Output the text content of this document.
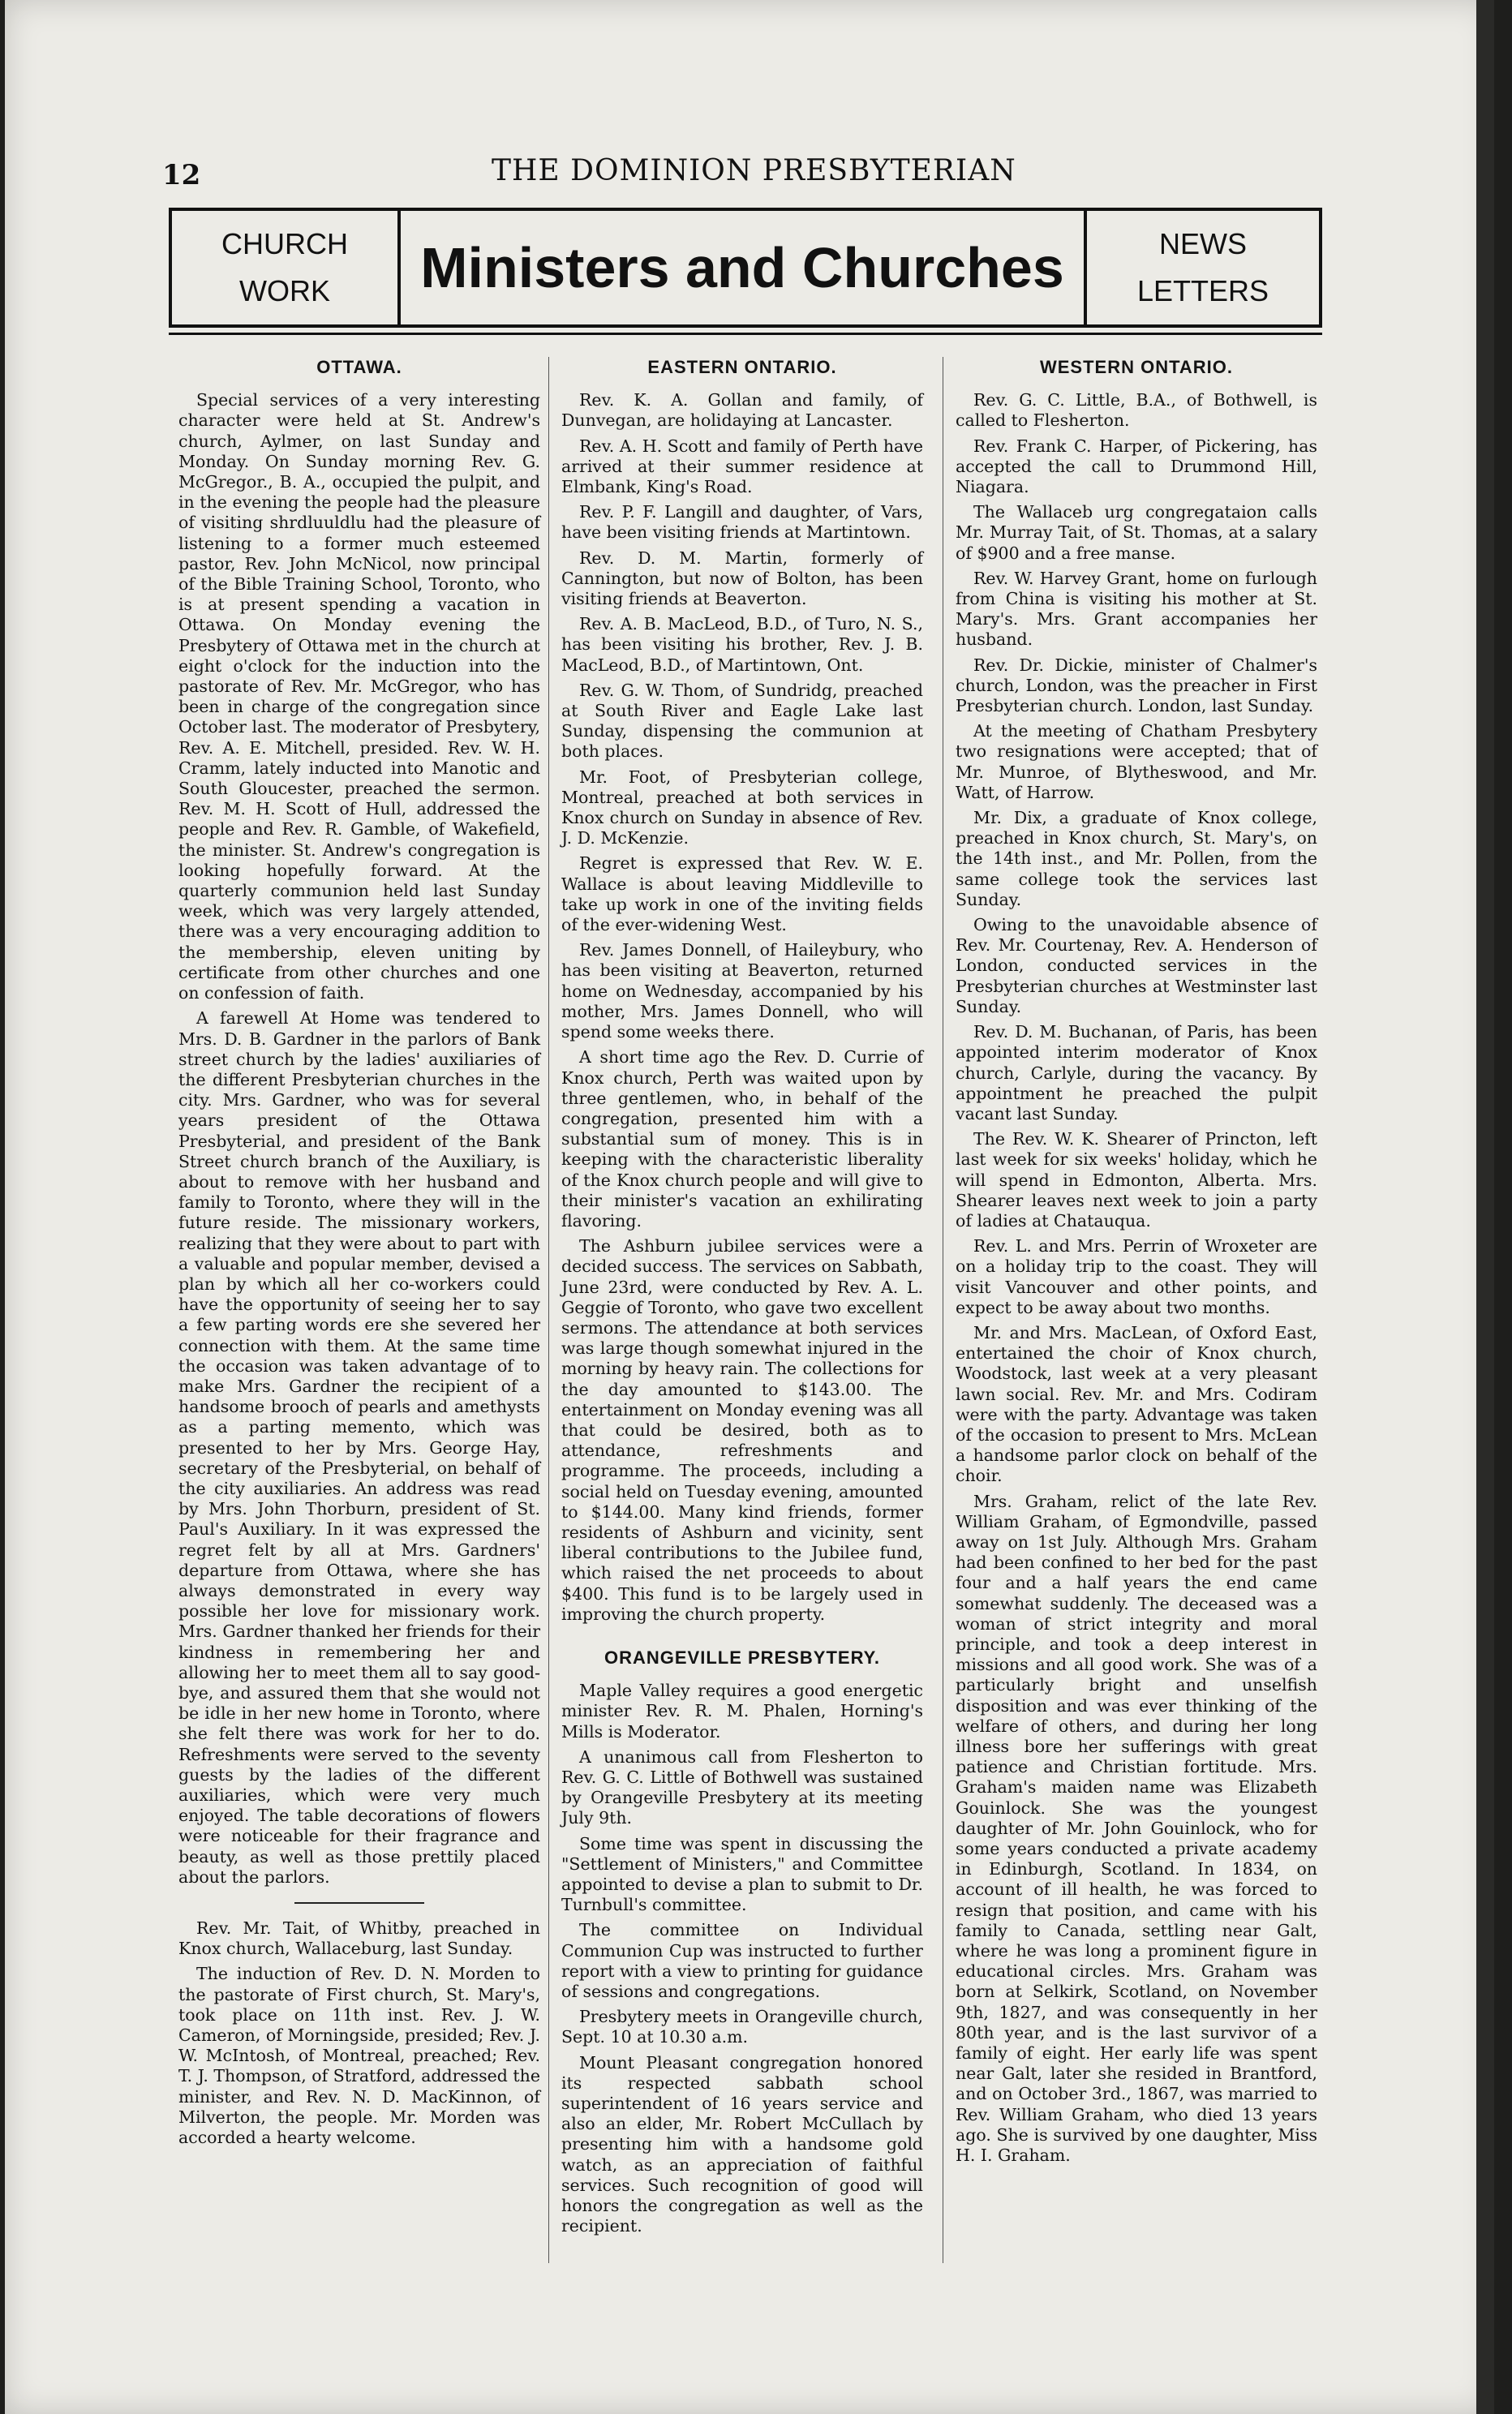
12	THE DOMINION PRESBYTERIAN
CHURCH
WORK	Ministers and Churches	NEWS
LETTERS
OTTAWA.

Special services of a very interesting character were held at St. Andrew's church, Aylmer, on last Sunday and Monday. On Sunday morning Rev. G. McGregor., B. A., occupied the pulpit, and in the evening the people had the pleasure of visiting shrdluuldlu had the pleasure of listening to a former much esteemed pastor, Rev. John McNicol, now principal of the Bible Training School, Toronto, who is at present spending a vacation in Ottawa. On Monday evening the Presbytery of Ottawa met in the church at eight o'clock for the induction into the pastorate of Rev. Mr. McGregor, who has been in charge of the congregation since October last. The moderator of Presbytery, Rev. A. E. Mitchell, presided. Rev. W. H. Cramm, lately inducted into Manotic and South Gloucester, preached the sermon. Rev. M. H. Scott of Hull, addressed the people and Rev. R. Gamble, of Wakefield, the minister. St. Andrew's congregation is looking hopefully forward. At the quarterly communion held last Sunday week, which was very largely attended, there was a very encouraging addition to the membership, eleven uniting by certificate from other churches and one on confession of faith.

A farewell At Home was tendered to Mrs. D. B. Gardner in the parlors of Bank street church by the ladies' auxiliaries of the different Presbyterian churches in the city. Mrs. Gardner, who was for several years president of the Ottawa Presbyterial, and president of the Bank Street church branch of the Auxiliary, is about to remove with her husband and family to Toronto, where they will in the future reside. The missionary workers, realizing that they were about to part with a valuable and popular member, devised a plan by which all her co-workers could have the opportunity of seeing her to say a few parting words ere she severed her connection with them. At the same time the occasion was taken advantage of to make Mrs. Gardner the recipient of a handsome brooch of pearls and amethysts as a parting memento, which was presented to her by Mrs. George Hay, secretary of the Presbyterial, on behalf of the city auxiliaries. An address was read by Mrs. John Thorburn, president of St. Paul's Auxiliary. In it was expressed the regret felt by all at Mrs. Gardners' departure from Ottawa, where she has always demonstrated in every way possible her love for missionary work. Mrs. Gardner thanked her friends for their kindness in remembering her and allowing her to meet them all to say good-bye, and assured them that she would not be idle in her new home in Toronto, where she felt there was work for her to do. Refreshments were served to the seventy guests by the ladies of the different auxiliaries, which were very much enjoyed. The table decorations of flowers were noticeable for their fragrance and beauty, as well as those prettily placed about the parlors.

Rev. Mr. Tait, of Whitby, preached in Knox church, Wallaceburg, last Sunday.

The induction of Rev. D. N. Morden to the pastorate of First church, St. Mary's, took place on 11th inst. Rev. J. W. Cameron, of Morningside, presided; Rev. J. W. McIntosh, of Montreal, preached; Rev. T. J. Thompson, of Stratford, addressed the minister, and Rev. N. D. MacKinnon, of Milverton, the people. Mr. Morden was accorded a hearty welcome.

EASTERN ONTARIO.

Rev. K. A. Gollan and family, of Dunvegan, are holidaying at Lancaster.

Rev. A. H. Scott and family of Perth have arrived at their summer residence at Elmbank, King's Road.

Rev. P. F. Langill and daughter, of Vars, have been visiting friends at Martintown.

Rev. D. M. Martin, formerly of Cannington, but now of Bolton, has been visiting friends at Beaverton.

Rev. A. B. MacLeod, B.D., of Turo, N. S., has been visiting his brother, Rev. J. B. MacLeod, B.D., of Martintown, Ont.

Rev. G. W. Thom, of Sundridg, preached at South River and Eagle Lake last Sunday, dispensing the communion at both places.

Mr. Foot, of Presbyterian college, Montreal, preached at both services in Knox church on Sunday in absence of Rev. J. D. McKenzie.

Regret is expressed that Rev. W. E. Wallace is about leaving Middleville to take up work in one of the inviting fields of the ever-widening West.

Rev. James Donnell, of Haileybury, who has been visiting at Beaverton, returned home on Wednesday, accompanied by his mother, Mrs. James Donnell, who will spend some weeks there.

A short time ago the Rev. D. Currie of Knox church, Perth was waited upon by three gentlemen, who, in behalf of the congregation, presented him with a substantial sum of money. This is in keeping with the characteristic liberality of the Knox church people and will give to their minister's vacation an exhilirating flavoring.

The Ashburn jubilee services were a decided success. The services on Sabbath, June 23rd, were conducted by Rev. A. L. Geggie of Toronto, who gave two excellent sermons. The attendance at both services was large though somewhat injured in the morning by heavy rain. The collections for the day amounted to $143.00. The entertainment on Monday evening was all that could be desired, both as to attendance, refreshments and programme. The proceeds, including a social held on Tuesday evening, amounted to $144.00. Many kind friends, former residents of Ashburn and vicinity, sent liberal contributions to the Jubilee fund, which raised the net proceeds to about $400. This fund is to be largely used in improving the church property.

ORANGEVILLE PRESBYTERY.

Maple Valley requires a good energetic minister Rev. R. M. Phalen, Horning's Mills is Moderator.

A unanimous call from Flesherton to Rev. G. C. Little of Bothwell was sustained by Orangeville Presbytery at its meeting July 9th.

Some time was spent in discussing the "Settlement of Ministers," and Committee appointed to devise a plan to submit to Dr. Turnbull's committee.

The committee on Individual Communion Cup was instructed to further report with a view to printing for guidance of sessions and congregations.

Presbytery meets in Orangeville church, Sept. 10 at 10.30 a.m.

Mount Pleasant congregation honored its respected sabbath school superintendent of 16 years service and also an elder, Mr. Robert McCullach by presenting him with a handsome gold watch, as an appreciation of faithful services. Such recognition of good will honors the congregation as well as the recipient.

WESTERN ONTARIO.

Rev. G. C. Little, B.A., of Bothwell, is called to Flesherton.

Rev. Frank C. Harper, of Pickering, has accepted the call to Drummond Hill, Niagara.

The Wallaceb urg congregataion calls Mr. Murray Tait, of St. Thomas, at a salary of $900 and a free manse.

Rev. W. Harvey Grant, home on furlough from China is visiting his mother at St. Mary's. Mrs. Grant accompanies her husband.

Rev. Dr. Dickie, minister of Chalmer's church, London, was the preacher in First Presbyterian church. London, last Sunday.

At the meeting of Chatham Presbytery two resignations were accepted; that of Mr. Munroe, of Blytheswood, and Mr. Watt, of Harrow.

Mr. Dix, a graduate of Knox college, preached in Knox church, St. Mary's, on the 14th inst., and Mr. Pollen, from the same college took the services last Sunday.

Owing to the unavoidable absence of Rev. Mr. Courtenay, Rev. A. Henderson of London, conducted services in the Presbyterian churches at Westminster last Sunday.

Rev. D. M. Buchanan, of Paris, has been appointed interim moderator of Knox church, Carlyle, during the vacancy. By appointment he preached the pulpit vacant last Sunday.

The Rev. W. K. Shearer of Princton, left last week for six weeks' holiday, which he will spend in Edmonton, Alberta. Mrs. Shearer leaves next week to join a party of ladies at Chatauqua.

Rev. L. and Mrs. Perrin of Wroxeter are on a holiday trip to the coast. They will visit Vancouver and other points, and expect to be away about two months.

Mr. and Mrs. MacLean, of Oxford East, entertained the choir of Knox church, Woodstock, last week at a very pleasant lawn social. Rev. Mr. and Mrs. Codiram were with the party. Advantage was taken of the occasion to present to Mrs. McLean a handsome parlor clock on behalf of the choir.

Mrs. Graham, relict of the late Rev. William Graham, of Egmondville, passed away on 1st July. Although Mrs. Graham had been confined to her bed for the past four and a half years the end came somewhat suddenly. The deceased was a woman of strict integrity and moral principle, and took a deep interest in missions and all good work. She was of a particularly bright and unselfish disposition and was ever thinking of the welfare of others, and during her long illness bore her sufferings with great patience and Christian fortitude. Mrs. Graham's maiden name was Elizabeth Gouinlock. She was the youngest daughter of Mr. John Gouinlock, who for some years conducted a private academy in Edinburgh, Scotland. In 1834, on account of ill health, he was forced to resign that position, and came with his family to Canada, settling near Galt, where he was long a prominent figure in educational circles. Mrs. Graham was born at Selkirk, Scotland, on November 9th, 1827, and was consequently in her 80th year, and is the last survivor of a family of eight. Her early life was spent near Galt, later she resided in Brantford, and on October 3rd., 1867, was married to Rev. William Graham, who died 13 years ago. She is survived by one daughter, Miss H. I. Graham.
